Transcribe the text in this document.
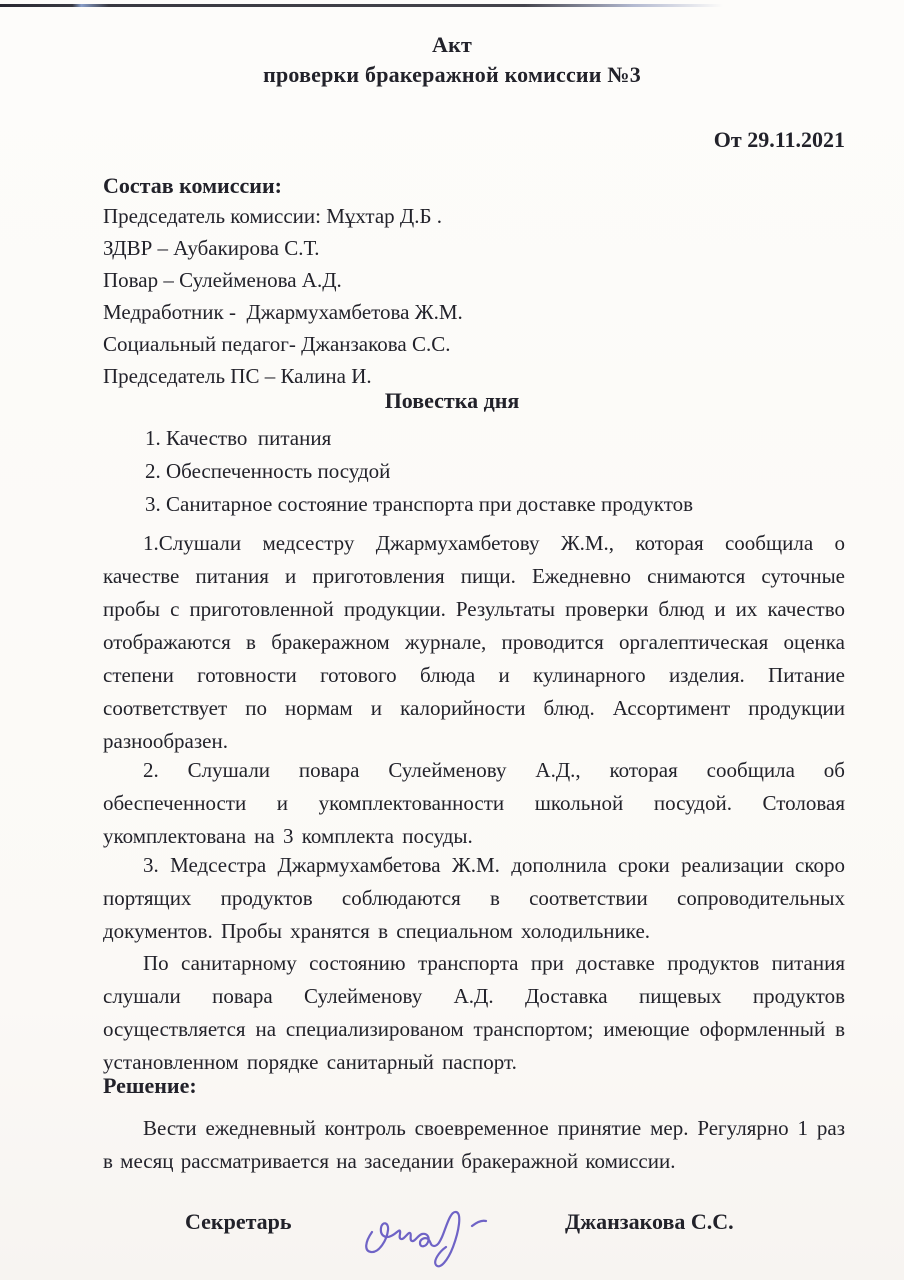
Акт
проверки бракеражной комиссии №3
От 29.11.2021
Состав комиссии:
Председатель комиссии: Мұхтар Д.Б .
ЗДВР – Аубакирова С.Т.
Повар – Сулейменова А.Д.
Медработник -  Джармухамбетова Ж.М.
Социальный педагог- Джанзакова С.С.
Председатель ПС – Калина И.
Повестка дня
1. Качество  питания
2. Обеспеченность посудой
3. Санитарное состояние транспорта при доставке продуктов

1.Слушали медсестру Джармухамбетову Ж.М., которая сообщила о качестве питания и приготовления пищи. Ежедневно снимаются суточные пробы с приготовленной продукции. Результаты проверки блюд и их качество отображаются в бракеражном журнале, проводится оргалептическая оценка степени готовности готового блюда и кулинарного изделия. Питание соответствует по нормам и калорийности блюд. Ассортимент продукции разнообразен.

2. Слушали повара Сулейменову А.Д., которая сообщила об обеспеченности и укомплектованности школьной посудой. Столовая укомплектована на 3 комплекта посуды.

3. Медсестра Джармухамбетова Ж.М. дополнила сроки реализации скоро портящих продуктов соблюдаются в соответствии сопроводительных документов. Пробы хранятся в специальном холодильнике.

По санитарному состоянию транспорта при доставке продуктов питания слушали повара Сулейменову А.Д. Доставка пищевых продуктов осуществляется на специализированом транспортом; имеющие оформленный в установленном порядке санитарный паспорт.

Решение:

Вести ежедневный контроль своевременное принятие мер. Регулярно 1 раз в месяц рассматривается на заседании бракеражной комиссии.

Секретарь	Джанзакова С.С.
